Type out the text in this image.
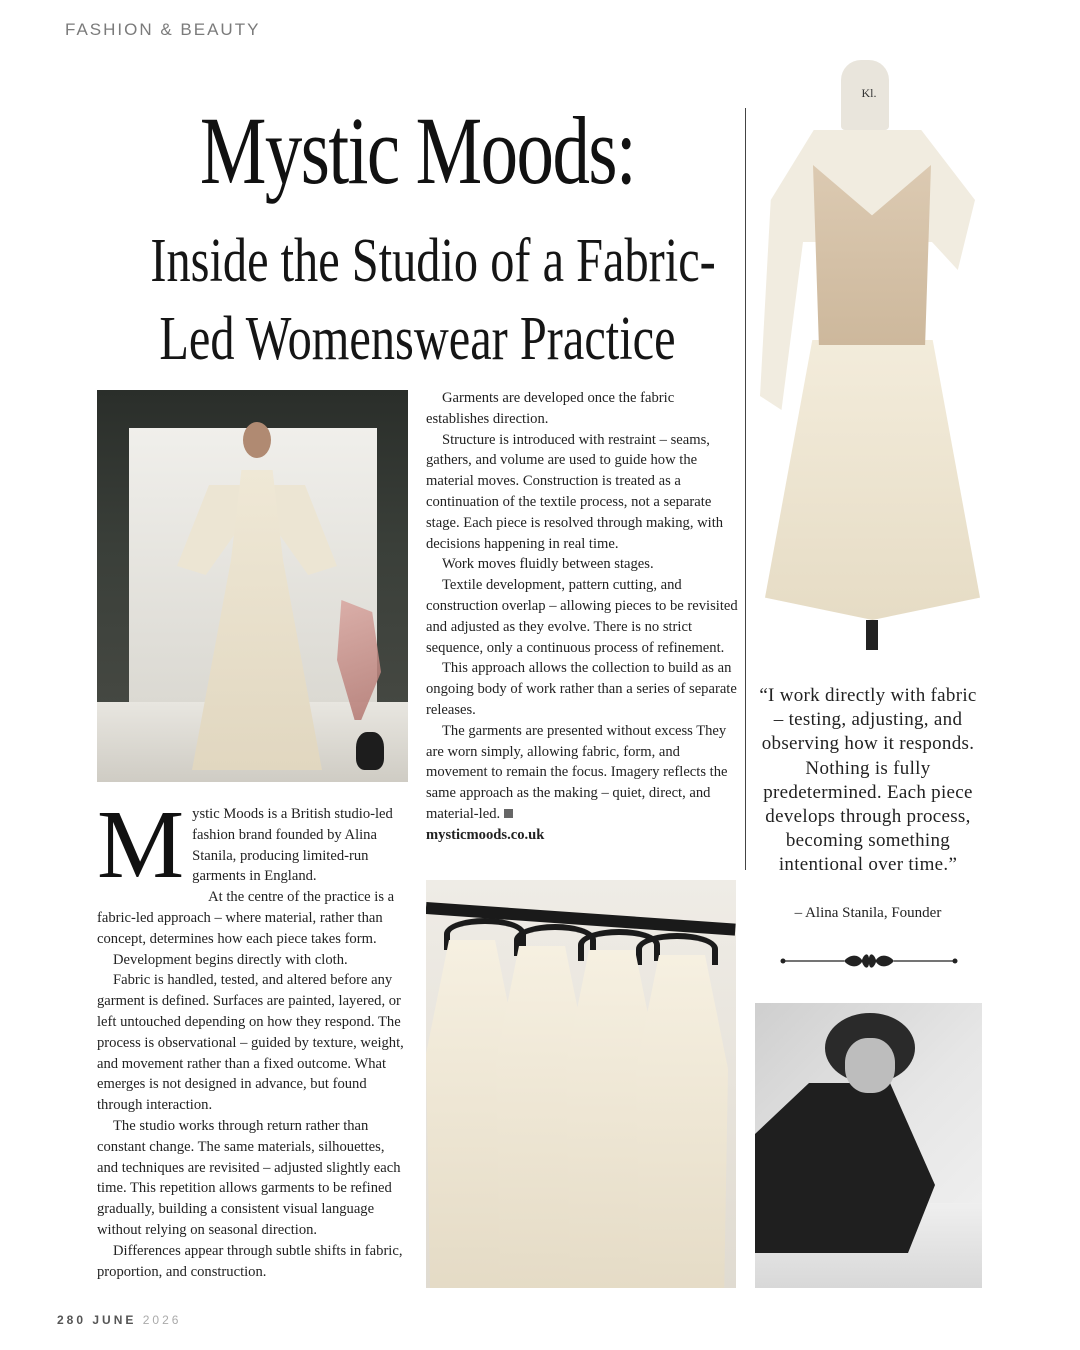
FASHION & BEAUTY
Mystic Moods:
Inside the Studio of a Fabric-
Led Womenswear Practice
Kl.

Mystic Moods is a British studio-led fashion brand founded by Alina Stanila, producing limited-run garments in England.

At the centre of the practice is a fabric-led approach – where material, rather than concept, determines how each piece takes form.

Development begins directly with cloth.

Fabric is handled, tested, and altered before any garment is defined. Surfaces are painted, layered, or left untouched depending on how they respond. The process is observational – guided by texture, weight, and movement rather than a fixed outcome. What emerges is not designed in advance, but found through interaction.

The studio works through return rather than constant change. The same materials, silhouettes, and techniques are revisited – adjusted slightly each time. This repetition allows garments to be refined gradually, building a consistent visual language without relying on seasonal direction.

Differences appear through subtle shifts in fabric, proportion, and construction.

Garments are developed once the fabric establishes direction.

Structure is introduced with restraint – seams, gathers, and volume are used to guide how the material moves. Construction is treated as a continuation of the textile process, not a separate stage. Each piece is resolved through making, with decisions happening in real time.

Work moves fluidly between stages.

Textile development, pattern cutting, and construction overlap – allowing pieces to be revisited and adjusted as they evolve. There is no strict sequence, only a continuous process of refinement.

This approach allows the collection to build as an ongoing body of work rather than a series of separate releases.

The garments are presented without excess They are worn simply, allowing fabric, form, and movement to remain the focus. Imagery reflects the same approach as the making – quiet, direct, and material-led.

mysticmoods.co.uk

“I work directly with fabric – testing, adjusting, and observing how it responds. Nothing is fully predetermined. Each piece develops through process, becoming something intentional over time.”
– Alina Stanila, Founder
280 JUNE 2026
